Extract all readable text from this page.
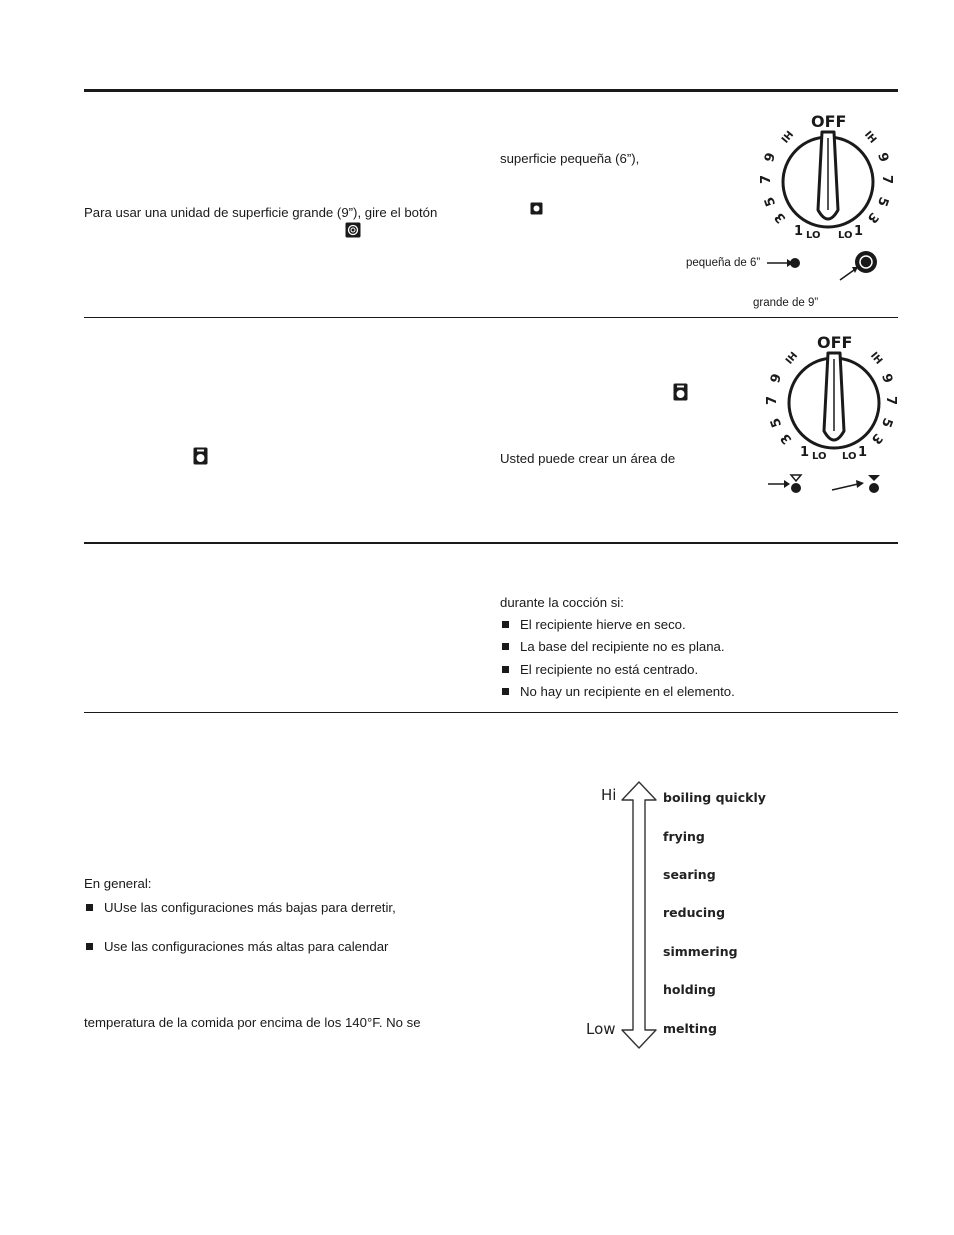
Para usar una unidad de superficie grande (9”), gire el botón
superficie pequeña (6”),
OFF
IH
9
7
5
3
1 LO
IH
9
7
5
3
1
LO
pequeña de 6”
grande de 9”
Usted puede crear un área de
OFF
IH
9
7
5
3
1 LO
IH
9
7
5
3
1
LO
durante la cocción si:
El recipiente hierve en seco.
La base del recipiente no es plana.
El recipiente no está centrado.
No hay un recipiente en el elemento.
En general:
UUse las configuraciones más bajas para derretir,
Use las configuraciones más altas para calendar
temperatura de la comida por encima de los 140°F. No se
Hi
Low
boiling quickly
frying
searing
reducing
simmering
holding
melting
